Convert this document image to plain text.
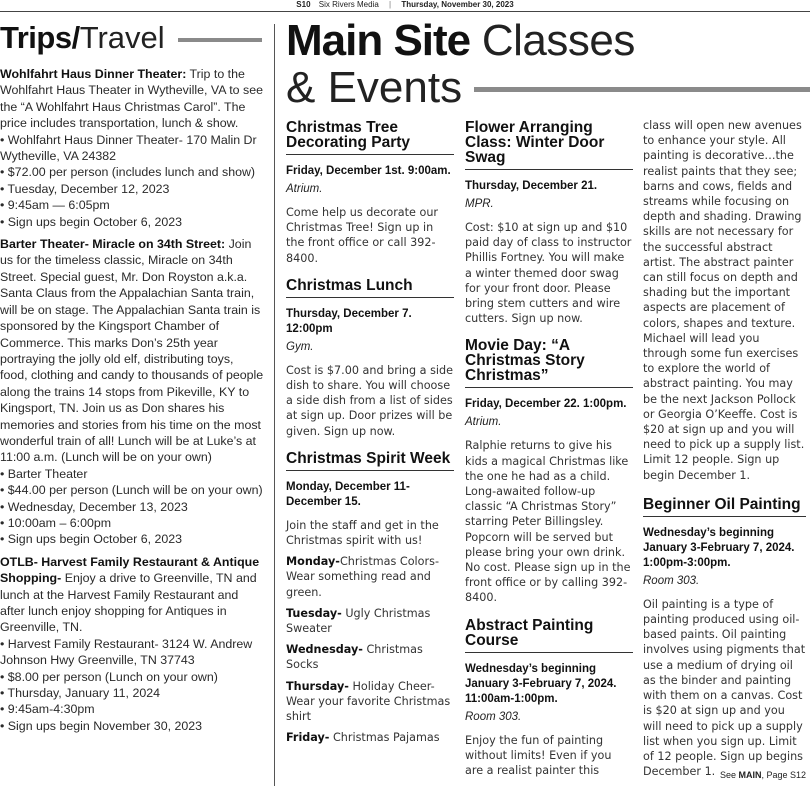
S10 Six Rivers Media | Thursday, November 30, 2023
Trips/Travel

Wohlfahrt Haus Dinner Theater: Trip to the Wohlfahrt Haus Theater in Wytheville, VA to see the “A Wohlfahrt Haus Christmas Carol”. The price includes transportation, lunch & show.

• Wohlfahrt Haus Dinner Theater- 170 Malin Dr Wytheville, VA 24382

• $72.00 per person (includes lunch and show)

• Tuesday, December 12, 2023

• 9:45am — 6:05pm

• Sign ups begin October 6, 2023

Barter Theater- Miracle on 34th Street: Join us for the timeless classic, Miracle on 34th Street. Special guest, Mr. Don Royston a.k.a. Santa Claus from the Appalachian Santa train, will be on stage. The Appalachian Santa train is sponsored by the Kingsport Chamber of Commerce. This marks Don’s 25th year portraying the jolly old elf, distributing toys, food, clothing and candy to thousands of people along the trains 14 stops from Pikeville, KY to Kingsport, TN. Join us as Don shares his memories and stories from his time on the most wonderful train of all! Lunch will be at Luke’s at 11:00 a.m. (Lunch will be on your own)

• Barter Theater

• $44.00 per person (Lunch will be on your own)

• Wednesday, December 13, 2023

• 10:00am – 6:00pm

• Sign ups begin October 6, 2023

OTLB- Harvest Family Restaurant & Antique Shopping- Enjoy a drive to Greenville, TN and lunch at the Harvest Family Restaurant and after lunch enjoy shopping for Antiques in Greenville, TN.

• Harvest Family Restaurant- 3124 W. Andrew Johnson Hwy Greenville, TN 37743

• $8.00 per person (Lunch on your own)

• Thursday, January 11, 2024

• 9:45am-4:30pm

• Sign ups begin November 30, 2023

Main Site Classes
& Events
Christmas Tree Decorating Party
Friday, December 1st. 9:00am.
Atrium.
Come help us decorate our Christmas Tree! Sign up in the front office or call 392-8400.
Christmas Lunch
Thursday, December 7. 12:00pm
Gym.
Cost is $7.00 and bring a side dish to share. You will choose a side dish from a list of sides at sign up. Door prizes will be given. Sign up now.
Christmas Spirit Week
Monday, December 11-December 15.
Join the staff and get in the Christmas spirit with us!

Monday-Christmas Colors- Wear something read and green.

Tuesday- Ugly Christmas Sweater

Wednesday- Christmas Socks

Thursday- Holiday Cheer- Wear your favorite Christmas shirt

Friday- Christmas Pajamas

Flower Arranging Class: Winter Door Swag
Thursday, December 21.
MPR.
Cost: $10 at sign up and $10 paid day of class to instructor Phillis Fortney. You will make a winter themed door swag for your front door. Please bring stem cutters and wire cutters. Sign up now.
Movie Day: “A Christmas Story Christmas”
Friday, December 22. 1:00pm.
Atrium.
Ralphie returns to give his kids a magical Christmas like the one he had as a child. Long-awaited follow-up classic “A Christmas Story” starring Peter Billingsley. Popcorn will be served but please bring your own drink. No cost. Please sign up in the front office or by calling 392-8400.
Abstract Painting Course
Wednesday’s beginning January 3-February 7, 2024. 11:00am-1:00pm.
Room 303.
Enjoy the fun of painting without limits! Even if you are a realist painter this
class will open new avenues to enhance your style. All painting is decorative…the realist paints that they see; barns and cows, fields and streams while focusing on depth and shading. Drawing skills are not necessary for the successful abstract artist. The abstract painter can still focus on depth and shading but the important aspects are placement of colors, shapes and texture. Michael will lead you through some fun exercises to explore the world of abstract painting. You may be the next Jackson Pollock or Georgia O’Keeffe. Cost is $20 at sign up and you will need to pick up a supply list. Limit 12 people. Sign up begin December 1.
Beginner Oil Painting
Wednesday’s beginning January 3-February 7, 2024. 1:00pm-3:00pm.
Room 303.
Oil painting is a type of painting produced using oil-based paints. Oil painting involves using pigments that use a medium of drying oil as the binder and painting with them on a canvas. Cost is $20 at sign up and you will need to pick up a supply list when you sign up. Limit of 12 people. Sign up begins December 1. See MAIN, Page S12
